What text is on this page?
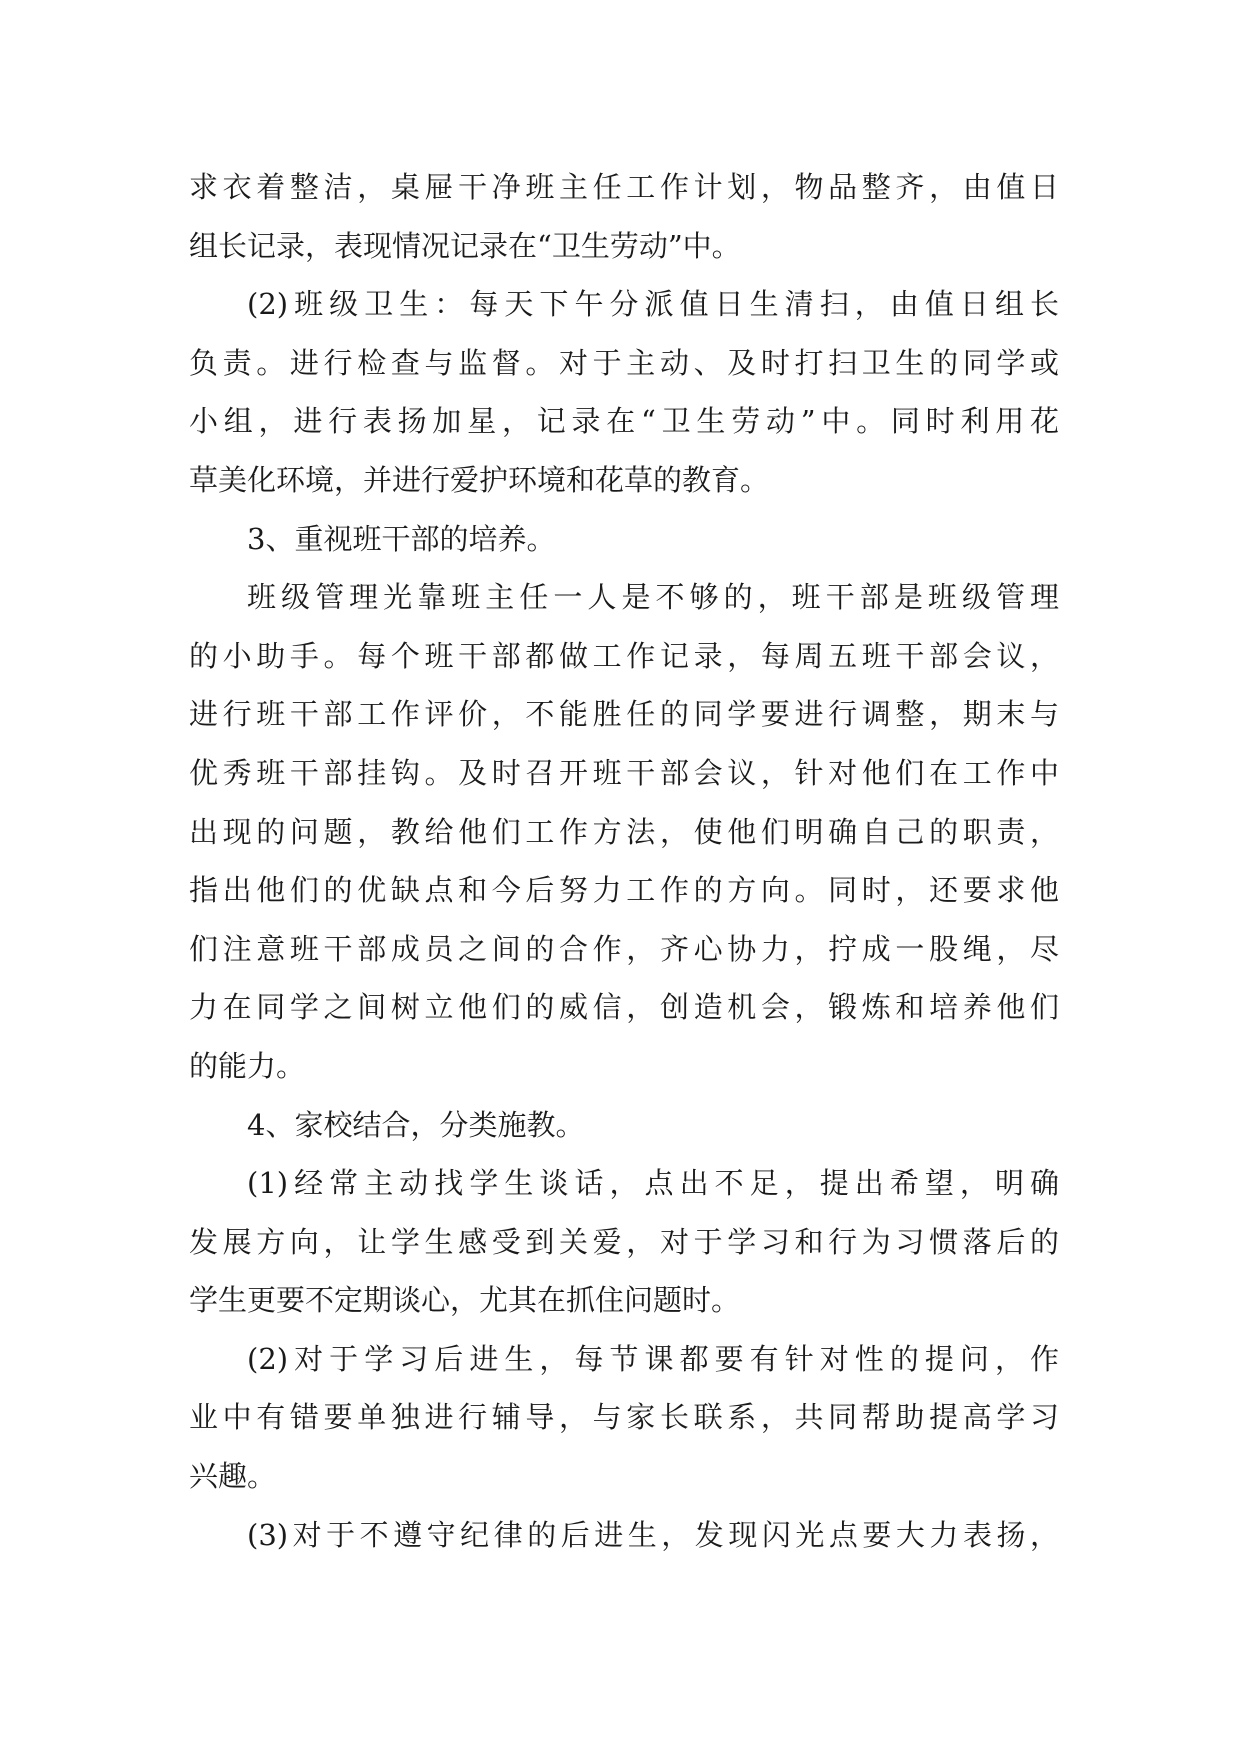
求衣着整洁，桌屉干净班主任工作计划，物品整齐，由值日
组长记录，表现情况记录在“卫生劳动”中。
(2)班级卫生：每天下午分派值日生清扫，由值日组长
负责。进行检查与监督。对于主动、及时打扫卫生的同学或
小组，进行表扬加星，记录在“卫生劳动”中。同时利用花
草美化环境，并进行爱护环境和花草的教育。
3、重视班干部的培养。
班级管理光靠班主任一人是不够的，班干部是班级管理
的小助手。每个班干部都做工作记录，每周五班干部会议，
进行班干部工作评价，不能胜任的同学要进行调整，期末与
优秀班干部挂钩。及时召开班干部会议，针对他们在工作中
出现的问题，教给他们工作方法，使他们明确自己的职责，
指出他们的优缺点和今后努力工作的方向。同时，还要求他
们注意班干部成员之间的合作，齐心协力，拧成一股绳，尽
力在同学之间树立他们的威信，创造机会，锻炼和培养他们
的能力。
4、家校结合，分类施教。
(1)经常主动找学生谈话，点出不足，提出希望，明确
发展方向，让学生感受到关爱，对于学习和行为习惯落后的
学生更要不定期谈心，尤其在抓住问题时。
(2)对于学习后进生，每节课都要有针对性的提问，作
业中有错要单独进行辅导，与家长联系，共同帮助提高学习
兴趣。
(3)对于不遵守纪律的后进生，发现闪光点要大力表扬，
